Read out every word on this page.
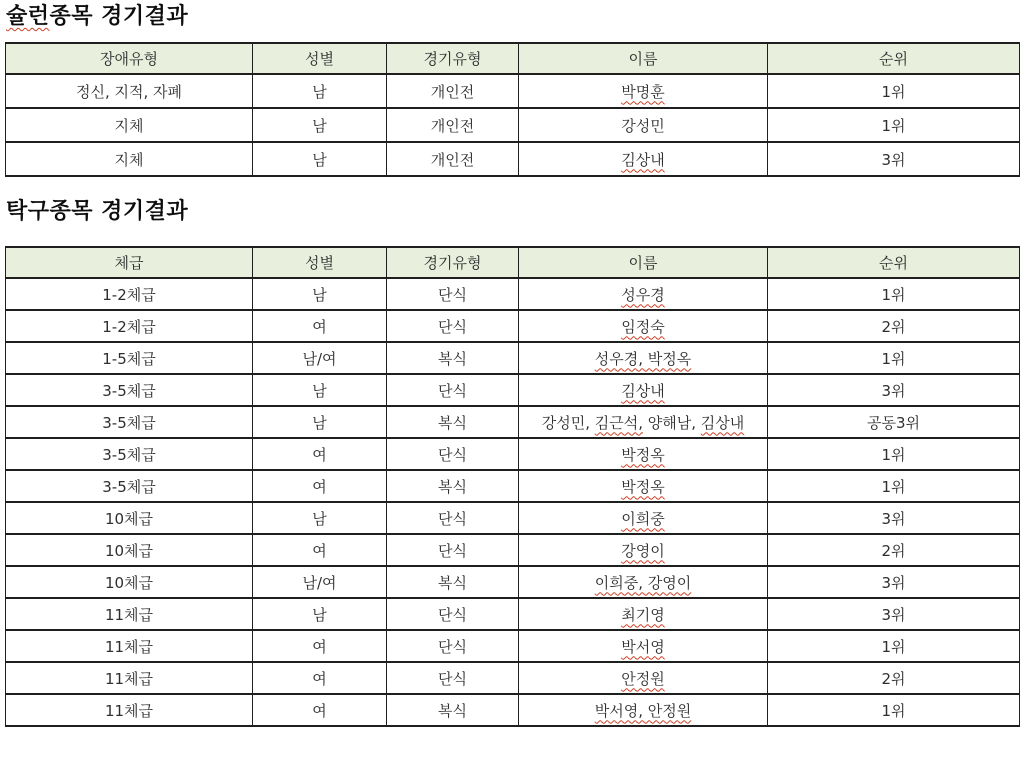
슐런종목 경기결과
장애유형	성별	경기유형	이름	순위
정신, 지적, 자폐	남	개인전	박명훈	1위
지체	남	개인전	강성민	1위
지체	남	개인전	김상내	3위
탁구종목 경기결과
체급	성별	경기유형	이름	순위
1-2체급	남	단식	성우경	1위
1-2체급	여	단식	임정숙	2위
1-5체급	남/여	복식	성우경, 박정옥	1위
3-5체급	남	단식	김상내	3위
3-5체급	남	복식	강성민, 김근석, 양해남, 김상내	공동3위
3-5체급	여	단식	박정옥	1위
3-5체급	여	복식	박정옥	1위
10체급	남	단식	이희중	3위
10체급	여	단식	강영이	2위
10체급	남/여	복식	이희중, 강영이	3위
11체급	남	단식	최기영	3위
11체급	여	단식	박서영	1위
11체급	여	단식	안정원	2위
11체급	여	복식	박서영, 안정원	1위
